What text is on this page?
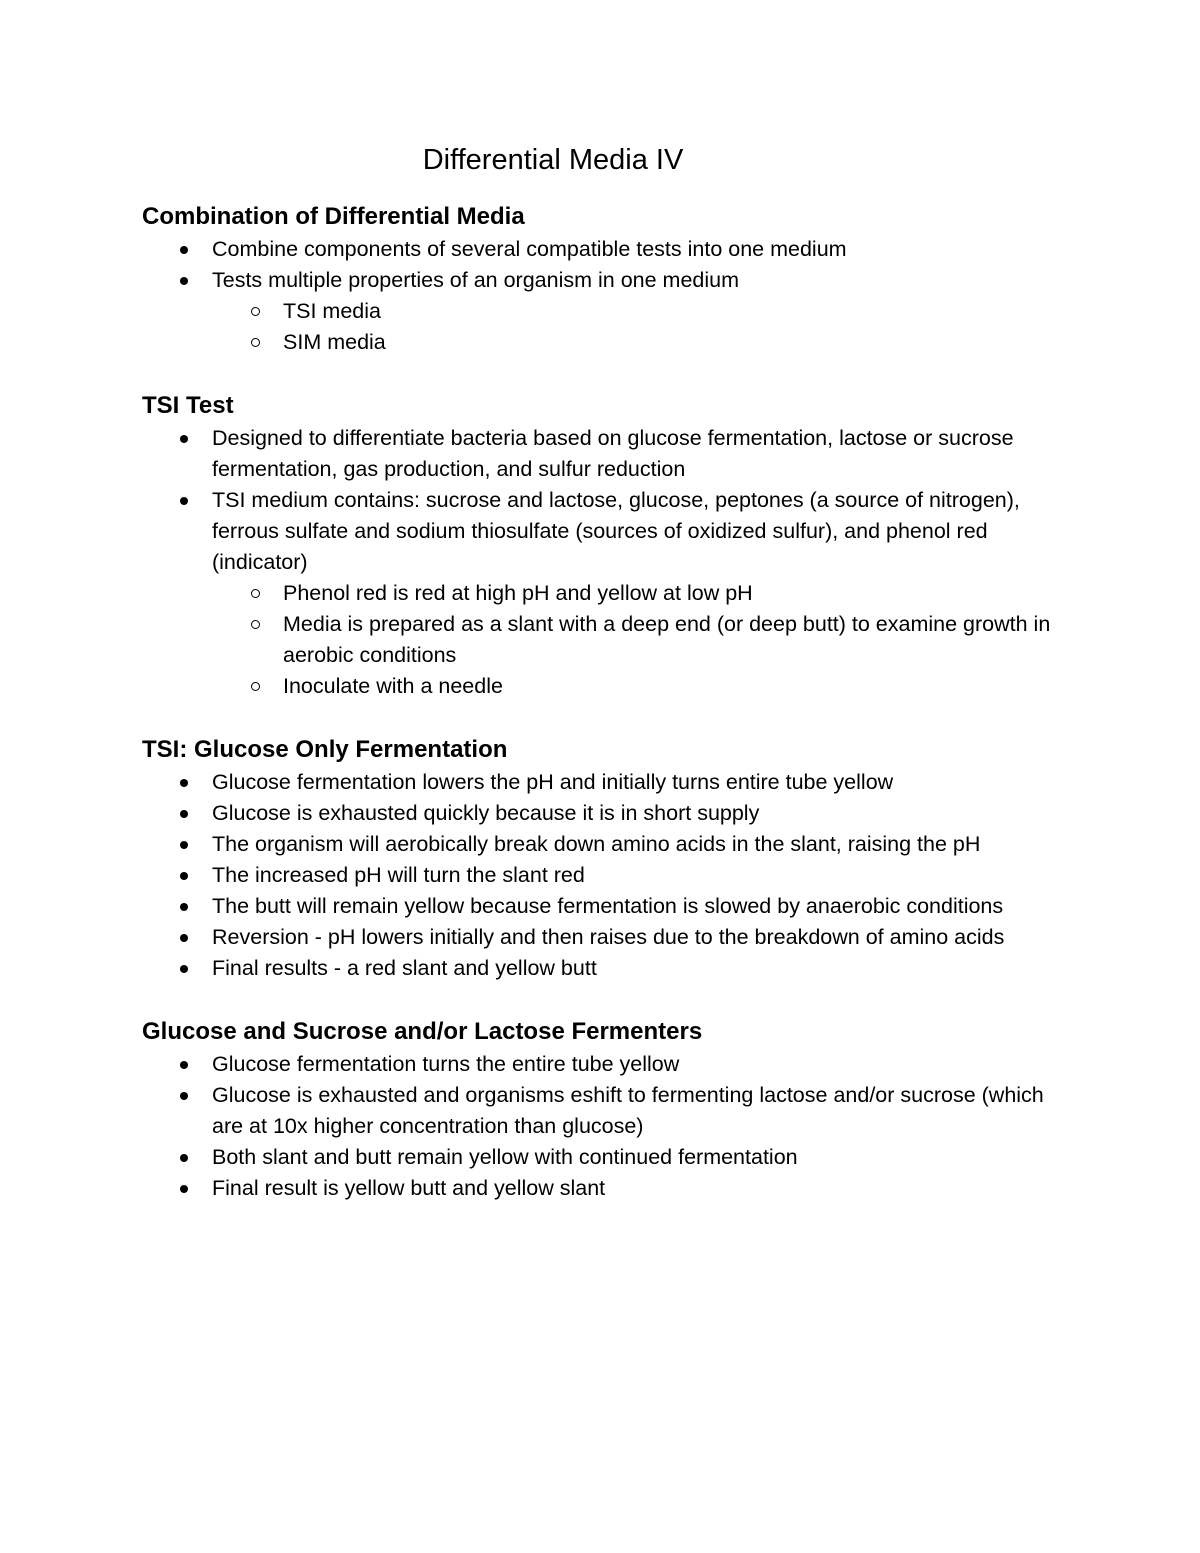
Differential Media IV
Combination of Differential Media
Combine components of several compatible tests into one medium
Tests multiple properties of an organism in one medium
TSI media
SIM media
TSI Test
Designed to differentiate bacteria based on glucose fermentation, lactose or sucrose fermentation, gas production, and sulfur reduction
TSI medium contains: sucrose and lactose, glucose, peptones (a source of nitrogen), ferrous sulfate and sodium thiosulfate (sources of oxidized sulfur), and phenol red (indicator)
Phenol red is red at high pH and yellow at low pH
Media is prepared as a slant with a deep end (or deep butt) to examine growth in aerobic conditions
Inoculate with a needle
TSI: Glucose Only Fermentation
Glucose fermentation lowers the pH and initially turns entire tube yellow
Glucose is exhausted quickly because it is in short supply
The organism will aerobically break down amino acids in the slant, raising the pH
The increased pH will turn the slant red
The butt will remain yellow because fermentation is slowed by anaerobic conditions
Reversion - pH lowers initially and then raises due to the breakdown of amino acids
Final results - a red slant and yellow butt
Glucose and Sucrose and/or Lactose Fermenters
Glucose fermentation turns the entire tube yellow
Glucose is exhausted and organisms eshift to fermenting lactose and/or sucrose (which are at 10x higher concentration than glucose)
Both slant and butt remain yellow with continued fermentation
Final result is yellow butt and yellow slant
